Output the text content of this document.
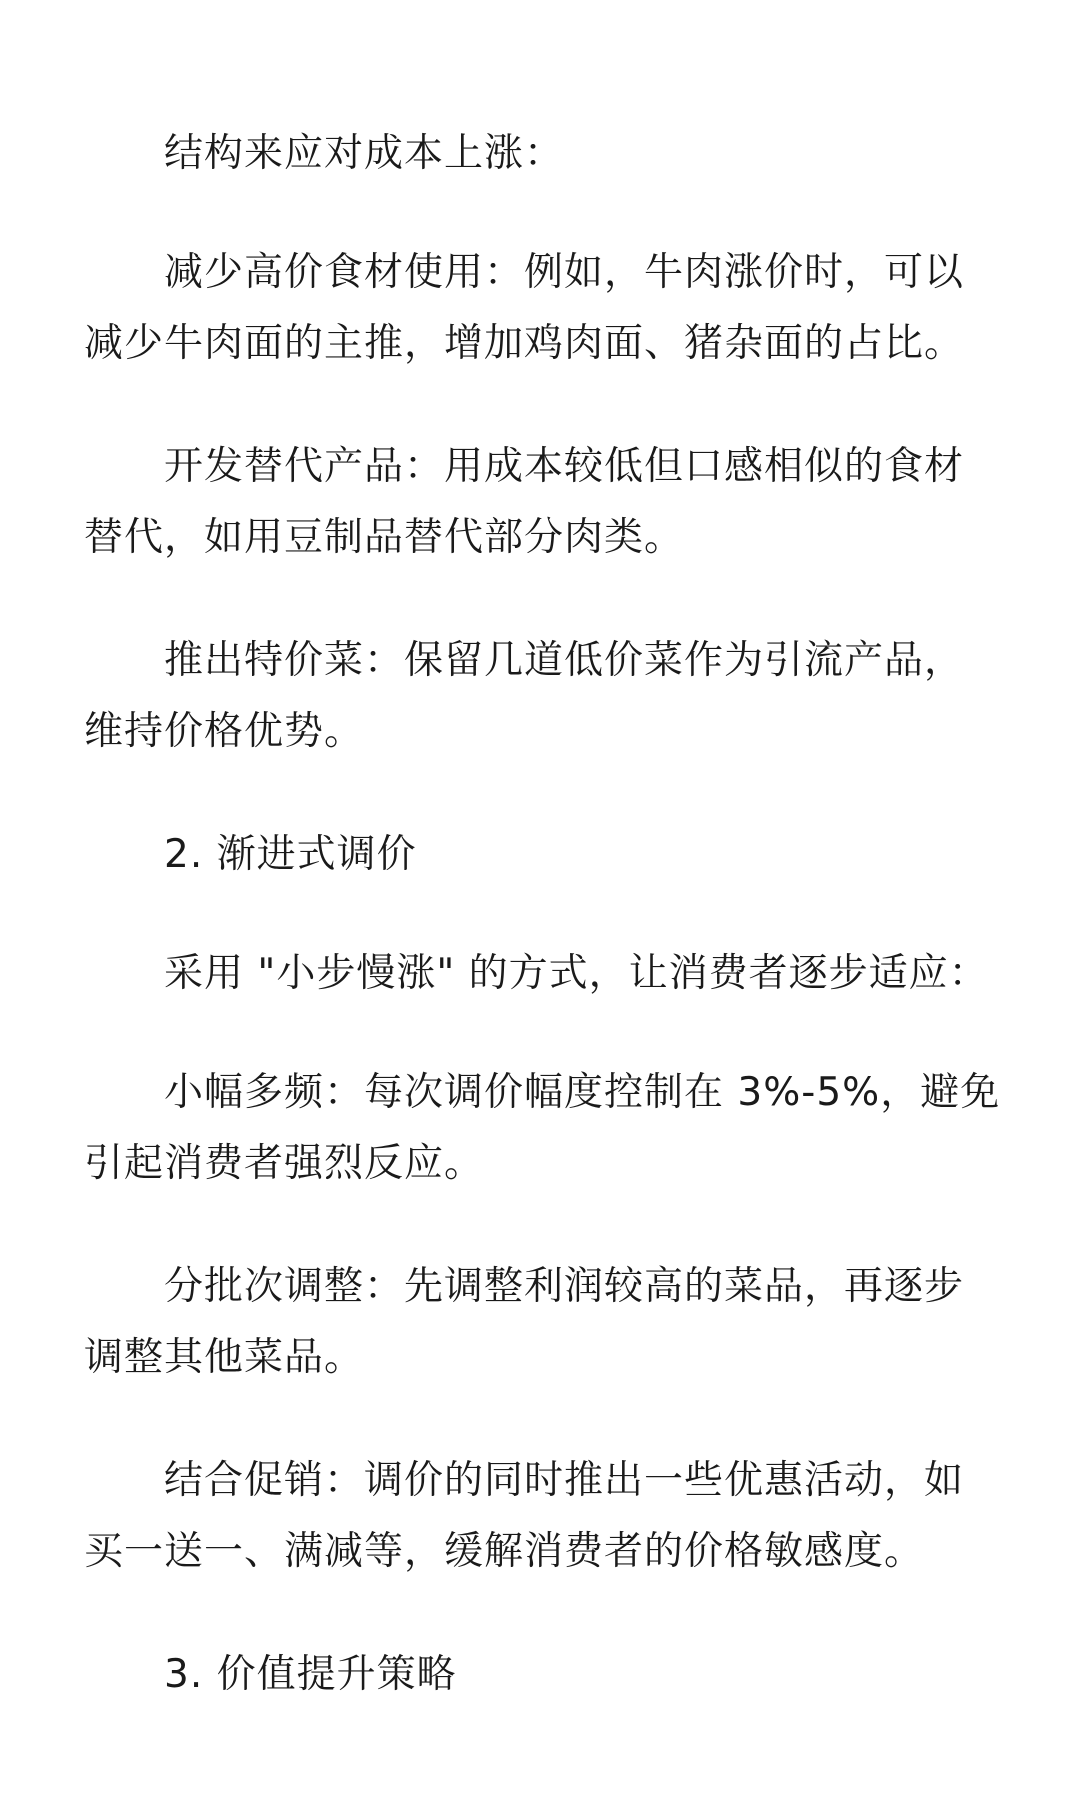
结构来应对成本上涨：

减少高价食材使用：例如，牛肉涨价时，可以减少牛肉面的主推，增加鸡肉面、猪杂面的占比。

开发替代产品：用成本较低但口感相似的食材替代，如用豆制品替代部分肉类。

推出特价菜：保留几道低价菜作为引流产品，维持价格优势。

2. 渐进式调价

采用 "小步慢涨" 的方式，让消费者逐步适应：

小幅多频：每次调价幅度控制在 3%-5%，避免引起消费者强烈反应。

分批次调整：先调整利润较高的菜品，再逐步调整其他菜品。

结合促销：调价的同时推出一些优惠活动，如买一送一、满减等，缓解消费者的价格敏感度。

3. 价值提升策略
